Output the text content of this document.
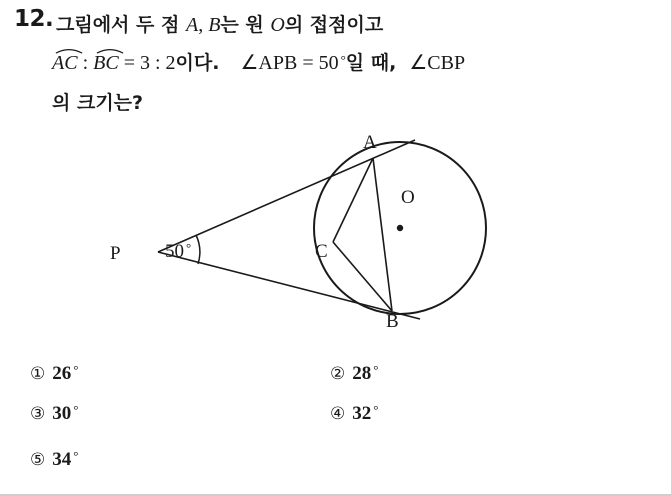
12. 그림에서 두 점 A, B는 원 O의 접점이고
AC :
BC = 3 : 2이다. ∠APB = 50 °일 때, ∠CBP
의 크기는?
P
A
B
C
O
50 °
① 26 °	② 28 °
③ 30 °	④ 32 °
⑤ 34 °
